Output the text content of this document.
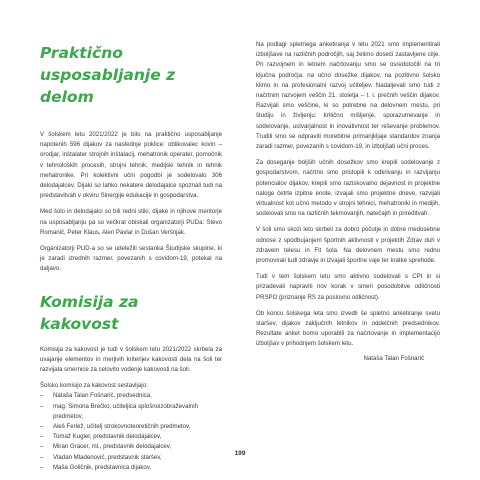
Praktično usposabljanje z delom

V šolskem letu 2021/2022 je bilo na praktično usposabljanje napotenih 596 dijakov za naslednje poklice: oblikovalec kovin – orodjar, inštalater strojnih inštalacij, mehatronik operater, pomočnik v tehnoloških procesih, strojni tehnik, medijski tehnik in tehnik mehatronike. Pri kolektivni učni pogodbi je sodelovalo 306 delodajalcev. Dijaki so lahko nekatere delodajalce spoznali tudi na predstavitvah v okviru Sinergije edukacije in gospodarstva.

Med šolo in delodajalci so bili redni stiki, dijake in njihove mentorje na usposabljanju pa so večkrat obiskali organizatorji PUDa: Stevo Romanič, Peter Klaus, Alen Pavlar in Dušan Veršnjak.

Organizatorji PUD-a so se udeležili sestanka Študijske skupine, ki je zaradi izrednih razmer, povezanih s covidom-19, potekal na daljavo.

Komisija za kakovost

Komisija za kakovost je tudi v šolskem letu 2021/2022 skrbela za uvajanje elementov in merjivih kriterijev kakovosti dela na šoli ter razvijala smernice za celovito vodenje kakovosti na šoli.

Šolsko komisijo za kakovost sestavljajo:

– Nataša Talan Fošnarič, predsednica,
– mag. Simona Brečko, učiteljica splošnoizobraževalnih predmetov,
– Aleš Ferlež, učitelj strokovnoteoretičnih predmetov,
– Tomaž Kugler, predstavnik delodajalcev,
– Miran Gracer, ml., predstavnik delodajalcev,
– Vladan Mladenović, predstavnik staršev,
– Maša Goličnik, predstavnica dijakov.

Na podlagi spletnega anketiranja v letu 2021 smo implementirali izboljšave na različnih področjih, saj želimo doseči zastavljene cilje. Pri razvojnem in letnem načrtovanju smo se osredotočili na tri ključna področja: na učno dosežke dijakov, na pozitivno šolsko klimo in na profesionalni razvoj učiteljev. Nadaljevali smo tudi z načrtnim razvojem veščin 21. stoletja – t. i. prečnih veščin dijakov. Razvijali smo veščine, ki so potrebne na delovnem mestu, pri študiju in življenju: kritično mišljenje, sporazumevanje in sodelovanje, ustvarjalnost in inovativnost ter reševanje problemov. Trudili smo se odpraviti morebitne primanjkljaje standardov znanja zaradi razmer, povezanih s covidom-19, in izboljšati učni proces.

Za doseganje boljših učnih dosežkov smo krepili sodelovanje z gospodarstvom, načrtno smo pristopili k odkrivanju in razvijanju potencialov dijakov, krepili smo raziskovalno dejavnost in projektne naloge četrte izpitne enote, izvajali smo projektne dneve, razvijali virtualnost kot učno metodo v strojni tehnici, mehatroniki in medijih, sodelovali smo na različnih tekmovanjih, natečajih in prireditvah.

V šoli smo skozi leto skrbeli za dobro počutje in dobre medosebne odnose z spodbujanjem športnih aktivnosti v projektih Zdrav duh v zdravem telesu in Fit šola. Na delovnem mestu smo redno promovirali tudi zdravje in izvajali športne vaje ter kratke sprehode.

Tudi v tem šolskem letu smo aktivno sodelovali s CPI in si prizadevali napraviti nov korak v smeri posodobitve odličnosti PRSPO (priznanje RS za poslovno odličnost).

Ob koncu šolskega leta smo izvedli še spletno anketiranje svetu staršev, dijakov zaključnih letnikov in oddelčnih predsednikov. Rezultate anket bomo uporabili za načrtovanje in implementacijo izboljšav v prihodnjem šolskem letu.

Nataša Talan Fošnarič
199
